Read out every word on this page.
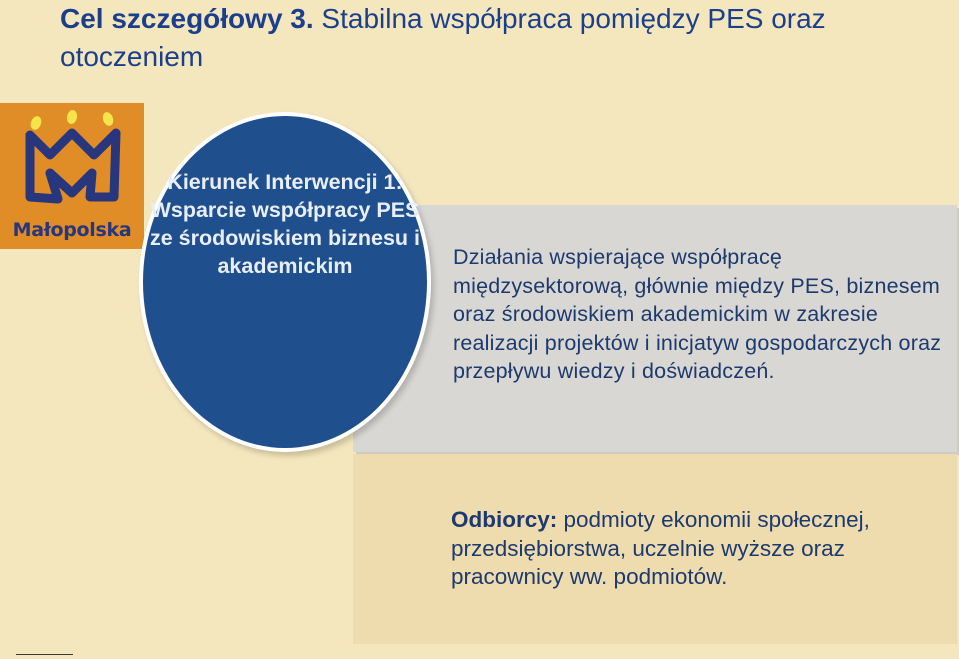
Cel szczegółowy 3. Stabilna współpraca pomiędzy PES oraz otoczeniem
Małopolska
Działania wspierające współpracę międzysektorową, głównie między PES, biznesem oraz środowiskiem akademickim w zakresie realizacji projektów i inicjatyw gospodarczych oraz przepływu wiedzy i doświadczeń.
Odbiorcy: podmioty ekonomii społecznej, przedsiębiorstwa, uczelnie wyższe oraz pracownicy ww. podmiotów.
Kierunek Interwencji 1: Wsparcie współpracy PES ze środowiskiem biznesu i akademickim
